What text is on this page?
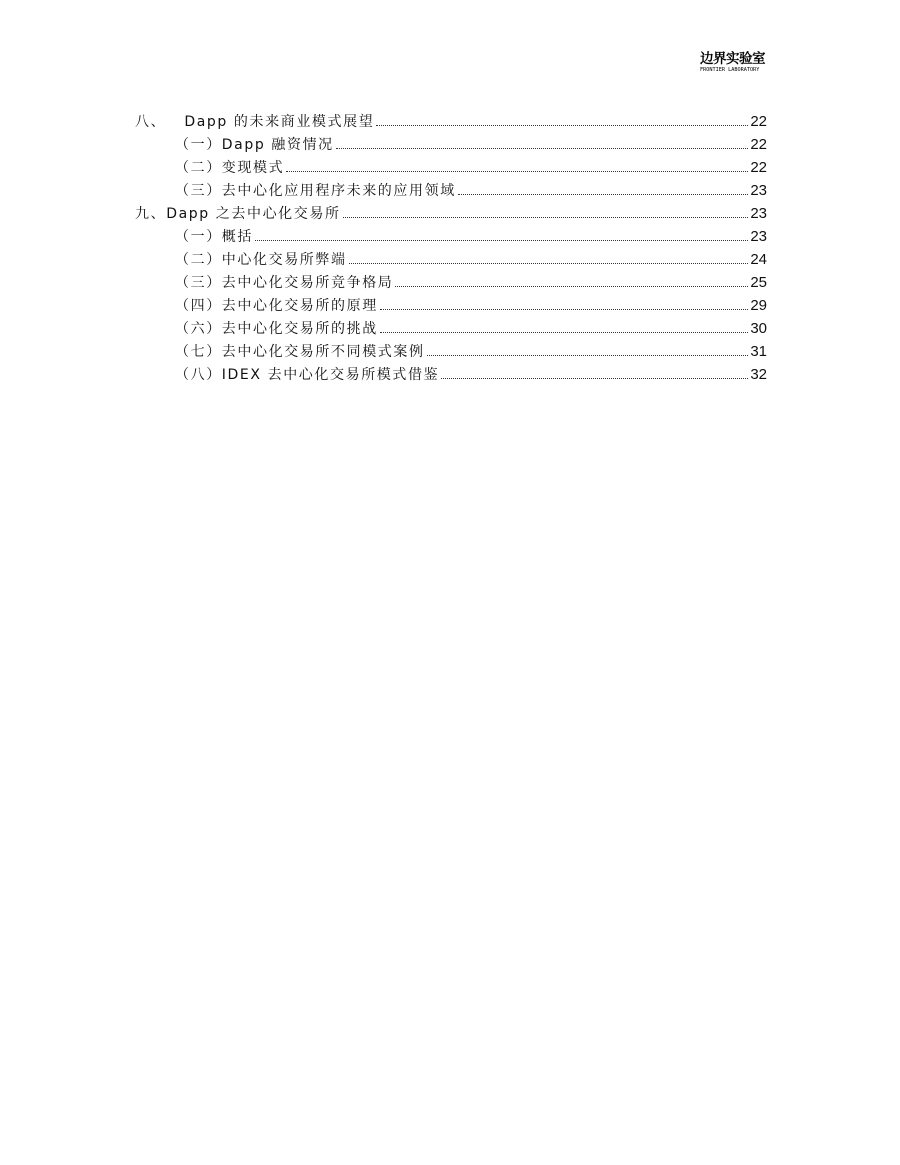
边界实验室
FRONTIER LABORATORY
八、   Dapp 的未来商业模式展望	22
（一）Dapp 融资情况	22
（二）变现模式	22
（三）去中心化应用程序未来的应用领域	23
九、Dapp 之去中心化交易所	23
（一）概括	23
（二）中心化交易所弊端	24
（三）去中心化交易所竞争格局	25
（四）去中心化交易所的原理	29
（六）去中心化交易所的挑战	30
（七）去中心化交易所不同模式案例	31
（八）IDEX 去中心化交易所模式借鉴	32
